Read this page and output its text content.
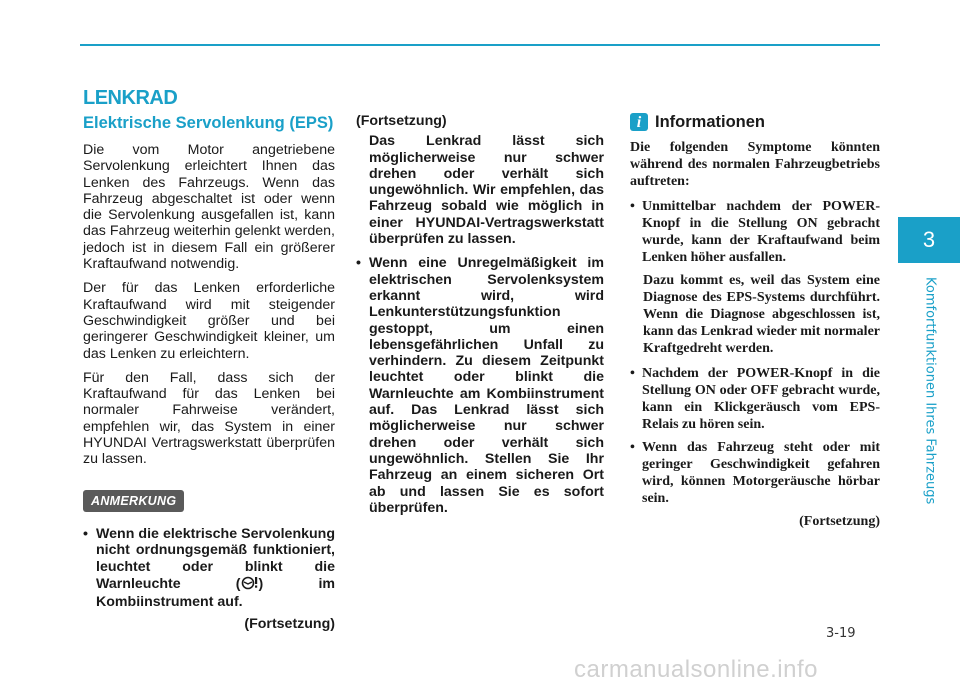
LENKRAD
Elektrische Servolenkung (EPS)

Die vom Motor angetriebene Servolenkung erleichtert Ihnen das Lenken des Fahrzeugs. Wenn das Fahrzeug abgeschaltet ist oder wenn die Servolenkung ausgefallen ist, kann das Fahrzeug weiterhin gelenkt werden, jedoch ist in diesem Fall ein größerer Kraftaufwand notwendig.

Der für das Lenken erforderliche Kraftaufwand wird mit steigender Geschwindigkeit größer und bei geringerer Geschwindigkeit kleiner, um das Lenken zu erleichtern.

Für den Fall, dass sich der Kraftaufwand für das Lenken bei normaler Fahrweise verändert, empfehlen wir, das System in einer HYUNDAI Vertragswerkstatt überprüfen zu lassen.

ANMERKUNG
• Wenn die elektrische Servolenkung nicht ordnungsgemäß funktioniert, leuchtet oder blinkt die Warnleuchte ( ) im Kombiinstrument auf.
(Fortsetzung)

(Fortsetzung)

Das Lenkrad lässt sich möglicherweise nur schwer drehen oder verhält sich ungewöhnlich. Wir empfehlen, das Fahrzeug sobald wie möglich in einer HYUNDAI-Vertragswerkstatt überprüfen zu lassen.

• Wenn eine Unregelmäßigkeit im elektrischen Servolenksystem erkannt wird, wird Lenkunterstützungsfunktion gestoppt, um einen lebensgefährlichen Unfall zu verhindern. Zu diesem Zeitpunkt leuchtet oder blinkt die Warnleuchte am Kombiinstrument auf. Das Lenkrad lässt sich möglicherweise nur schwer drehen oder verhält sich ungewöhnlich. Stellen Sie Ihr Fahrzeug an einem sicheren Ort ab und lassen Sie es sofort überprüfen.
i Informationen

Die folgenden Symptome könnten während des normalen Fahrzeugbetriebs auftreten:

• Unmittelbar nachdem der POWER-Knopf in die Stellung ON gebracht wurde, kann der Kraftaufwand beim Lenken höher ausfallen.

Dazu kommt es, weil das System eine Diagnose des EPS-Systems durchführt. Wenn die Diagnose abgeschlossen ist, kann das Lenkrad wieder mit normaler Kraftgedreht werden.

• Nachdem der POWER-Knopf in die Stellung ON oder OFF gebracht wurde, kann ein Klickgeräusch vom EPS-Relais zu hören sein.
• Wenn das Fahrzeug steht oder mit geringer Geschwindigkeit gefahren wird, können Motorgeräusche hörbar sein.
(Fortsetzung)
3
Komfortfunktionen Ihres Fahrzeugs
3-19
carmanualsonline.info
